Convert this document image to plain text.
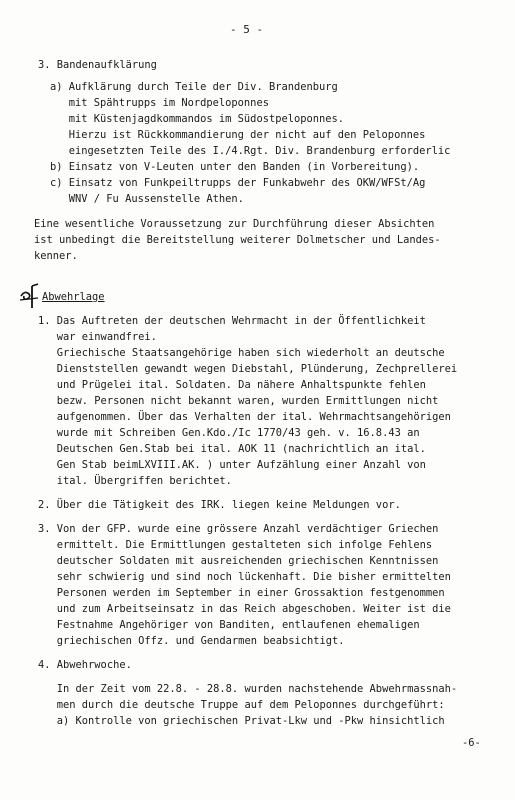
- 5 -
3. Bandenaufklärung
a) Aufklärung durch Teile der Div. Brandenburg
mit Spähtrupps im Nordpeloponnes
mit Küstenjagdkommandos im Südostpeloponnes.
Hierzu ist Rückkommandierung der nicht auf den Peloponnes
eingesetzten Teile des I./4.Rgt. Div. Brandenburg erforderlic
b) Einsatz von V-Leuten unter den Banden (in Vorbereitung).
c) Einsatz von Funkpeiltrupps der Funkabwehr des OKW/WFSt/Ag
WNV / Fu Aussenstelle Athen.
Eine wesentliche Voraussetzung zur Durchführung dieser Absichten
ist unbedingt die Bereitstellung weiterer Dolmetscher und Landes-
kenner.
Abwehrlage
1. Das Auftreten der deutschen Wehrmacht in der Öffentlichkeit
war einwandfrei.
Griechische Staatsangehörige haben sich wiederholt an deutsche
Dienststellen gewandt wegen Diebstahl, Plünderung, Zechprellerei
und Prügelei ital. Soldaten. Da nähere Anhaltspunkte fehlen
bezw. Personen nicht bekannt waren, wurden Ermittlungen nicht
aufgenommen. Über das Verhalten der ital. Wehrmachtsangehörigen
wurde mit Schreiben Gen.Kdo./Ic 1770/43 geh. v. 16.8.43 an
Deutschen Gen.Stab bei ital. AOK 11 (nachrichtlich an ital.
Gen Stab beimLXVIII.AK. ) unter Aufzählung einer Anzahl von
ital. Übergriffen berichtet.
2. Über die Tätigkeit des IRK. liegen keine Meldungen vor.
3. Von der GFP. wurde eine grössere Anzahl verdächtiger Griechen
ermittelt. Die Ermittlungen gestalteten sich infolge Fehlens
deutscher Soldaten mit ausreichenden griechischen Kenntnissen
sehr schwierig und sind noch lückenhaft. Die bisher ermittelten
Personen werden im September in einer Grossaktion festgenommen
und zum Arbeitseinsatz in das Reich abgeschoben. Weiter ist die
Festnahme Angehöriger von Banditen, entlaufenen ehemaligen
griechischen Offz. und Gendarmen beabsichtigt.
4. Abwehrwoche.
In der Zeit vom 22.8. - 28.8. wurden nachstehende Abwehrmassnah-
men durch die deutsche Truppe auf dem Peloponnes durchgeführt:
a) Kontrolle von griechischen Privat-Lkw und -Pkw hinsichtlich
-6-
